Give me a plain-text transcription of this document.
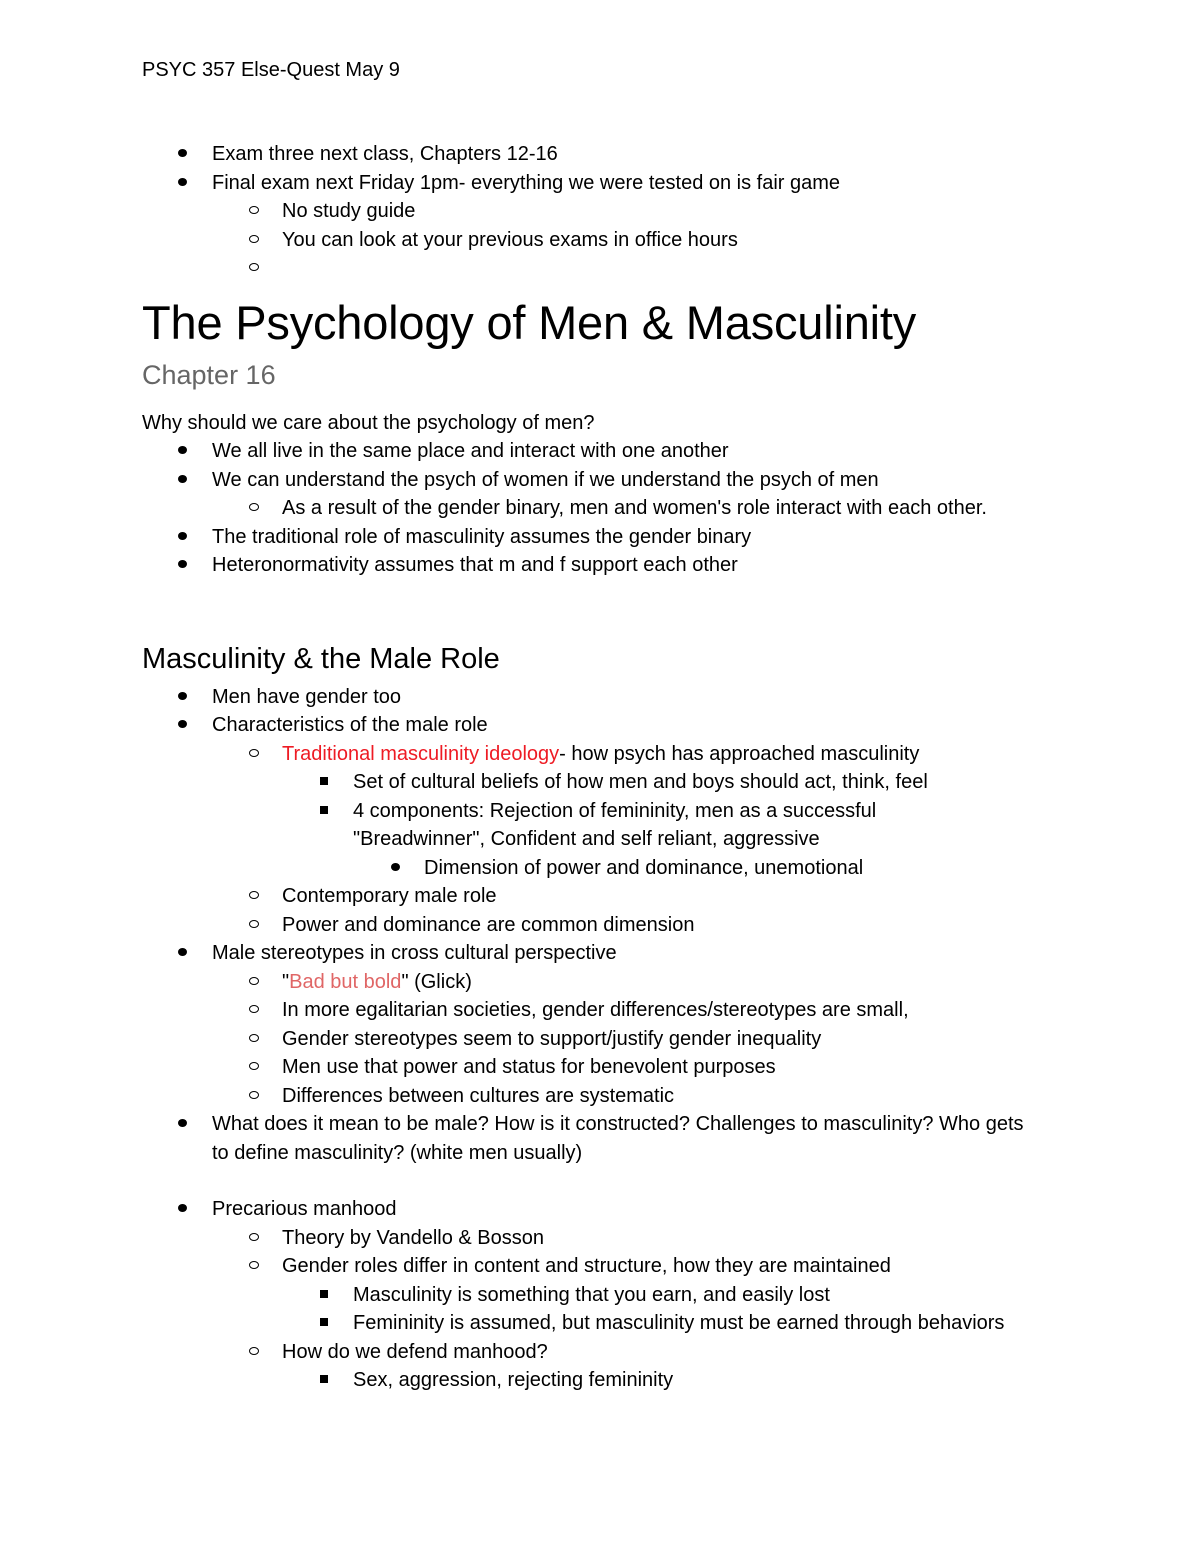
PSYC 357 Else-Quest May 9

Exam three next class, Chapters 12-16
Final exam next Friday 1pm- everything we were tested on is fair game
No study guide
You can look at your previous exams in office hours
The Psychology of Men & Masculinity

Chapter 16

Why should we care about the psychology of men?

We all live in the same place and interact with one another
We can understand the psych of women if we understand the psych of men
As a result of the gender binary, men and women's role interact with each other.
The traditional role of masculinity assumes the gender binary
Heteronormativity assumes that m and f support each other
Masculinity & the Male Role
Men have gender too
Characteristics of the male role
Traditional masculinity ideology- how psych has approached masculinity
Set of cultural beliefs of how men and boys should act, think, feel
4 components: Rejection of femininity, men as a successful "Breadwinner", Confident and self reliant, aggressive
Dimension of power and dominance, unemotional
Contemporary male role
Power and dominance are common dimension
Male stereotypes in cross cultural perspective
"Bad but bold" (Glick)
In more egalitarian societies, gender differences/stereotypes are small,
Gender stereotypes seem to support/justify gender inequality
Men use that power and status for benevolent purposes
Differences between cultures are systematic
What does it mean to be male? How is it constructed? Challenges to masculinity? Who gets to define masculinity? (white men usually)
Precarious manhood
Theory by Vandello & Bosson
Gender roles differ in content and structure, how they are maintained
Masculinity is something that you earn, and easily lost
Femininity is assumed, but masculinity must be earned through behaviors
How do we defend manhood?
Sex, aggression, rejecting femininity
